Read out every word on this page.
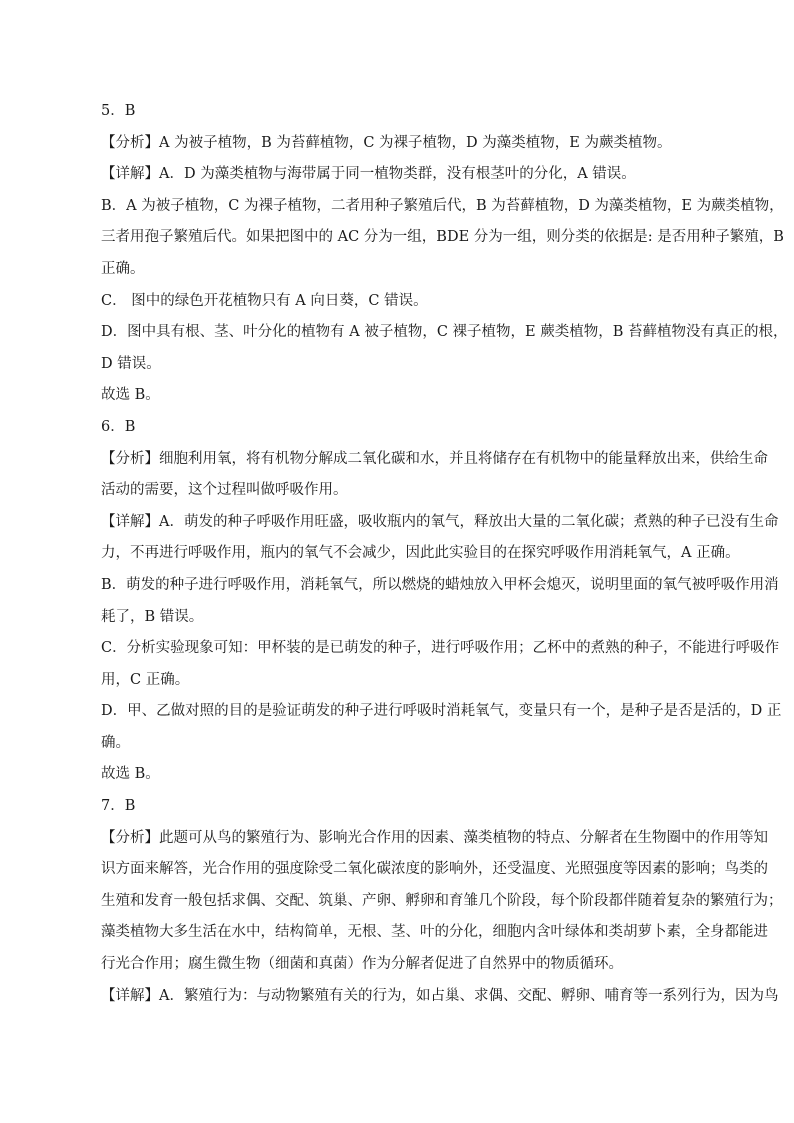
5．B
【分析】A 为被子植物，B 为苔藓植物，C 为裸子植物，D 为藻类植物，E 为蕨类植物。
【详解】A．D 为藻类植物与海带属于同一植物类群，没有根茎叶的分化，A 错误。
B．A 为被子植物，C 为裸子植物，二者用种子繁殖后代，B 为苔藓植物，D 为藻类植物，E 为蕨类植物，
三者用孢子繁殖后代。如果把图中的 AC 分为一组，BDE 分为一组，则分类的依据是: 是否用种子繁殖，B
正确。
C． 图中的绿色开花植物只有 A 向日葵，C 错误。
D．图中具有根、茎、叶分化的植物有 A 被子植物，C 裸子植物，E 蕨类植物，B 苔藓植物没有真正的根，
D 错误。
故选 B。
6．B
【分析】细胞利用氧，将有机物分解成二氧化碳和水，并且将储存在有机物中的能量释放出来，供给生命
活动的需要，这个过程叫做呼吸作用。
【详解】A．萌发的种子呼吸作用旺盛，吸收瓶内的氧气，释放出大量的二氧化碳；煮熟的种子已没有生命
力，不再进行呼吸作用，瓶内的氧气不会减少，因此此实验目的在探究呼吸作用消耗氧气，A 正确。
B．萌发的种子进行呼吸作用，消耗氧气，所以燃烧的蜡烛放入甲杯会熄灭，说明里面的氧气被呼吸作用消
耗了，B 错误。
C．分析实验现象可知：甲杯装的是已萌发的种子，进行呼吸作用；乙杯中的煮熟的种子，不能进行呼吸作
用，C 正确。
D．甲、乙做对照的目的是验证萌发的种子进行呼吸时消耗氧气，变量只有一个，是种子是否是活的，D 正
确。
故选 B。
7．B
【分析】此题可从鸟的繁殖行为、影响光合作用的因素、藻类植物的特点、分解者在生物圈中的作用等知
识方面来解答，光合作用的强度除受二氧化碳浓度的影响外，还受温度、光照强度等因素的影响；鸟类的
生殖和发育一般包括求偶、交配、筑巢、产卵、孵卵和育雏几个阶段，每个阶段都伴随着复杂的繁殖行为；
藻类植物大多生活在水中，结构简单，无根、茎、叶的分化，细胞内含叶绿体和类胡萝卜素，全身都能进
行光合作用；腐生微生物（细菌和真菌）作为分解者促进了自然界中的物质循环。
【详解】A．繁殖行为：与动物繁殖有关的行为，如占巢、求偶、交配、孵卵、哺育等一系列行为，因为鸟
